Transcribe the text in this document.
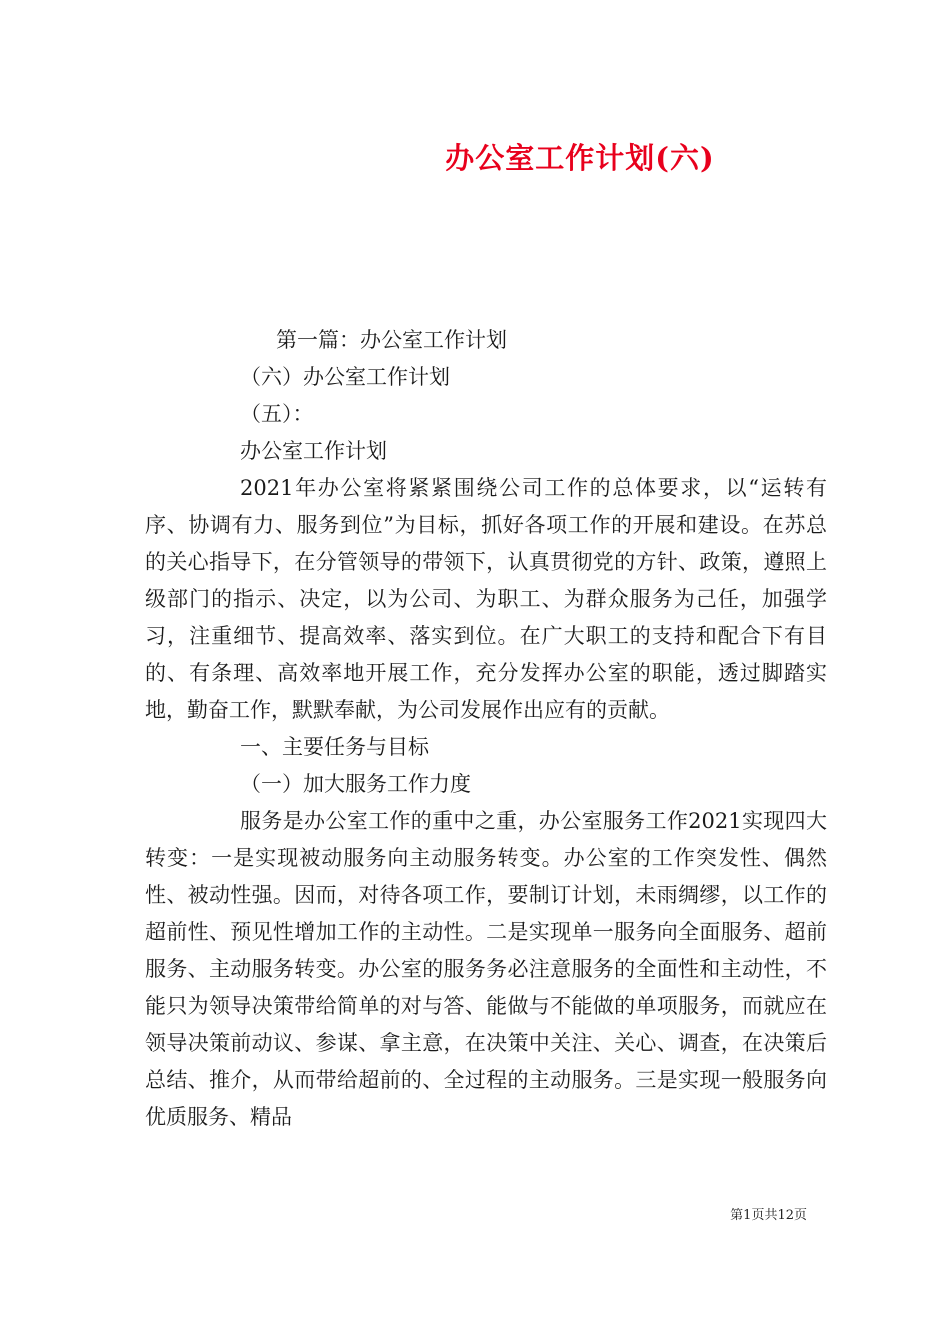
办公室工作计划(六)

第一篇：办公室工作计划

（六）办公室工作计划

（五）：

办公室工作计划

2021年办公室将紧紧围绕公司工作的总体要求，以“运转有序、协调有力、服务到位”为目标，抓好各项工作的开展和建设。在苏总的关心指导下，在分管领导的带领下，认真贯彻党的方针、政策，遵照上级部门的指示、决定，以为公司、为职工、为群众服务为己任，加强学习，注重细节、提高效率、落实到位。在广大职工的支持和配合下有目的、有条理、高效率地开展工作，充分发挥办公室的职能，透过脚踏实地，勤奋工作，默默奉献，为公司发展作出应有的贡献。

一、主要任务与目标

（一）加大服务工作力度

服务是办公室工作的重中之重，办公室服务工作2021实现四大转变：一是实现被动服务向主动服务转变。办公室的工作突发性、偶然性、被动性强。因而，对待各项工作，要制订计划，未雨绸缪，以工作的超前性、预见性增加工作的主动性。二是实现单一服务向全面服务、超前服务、主动服务转变。办公室的服务务必注意服务的全面性和主动性，不能只为领导决策带给简单的对与答、能做与不能做的单项服务，而就应在领导决策前动议、参谋、拿主意，在决策中关注、关心、调查，在决策后总结、推介，从而带给超前的、全过程的主动服务。三是实现一般服务向优质服务、精品

第1页共12页
